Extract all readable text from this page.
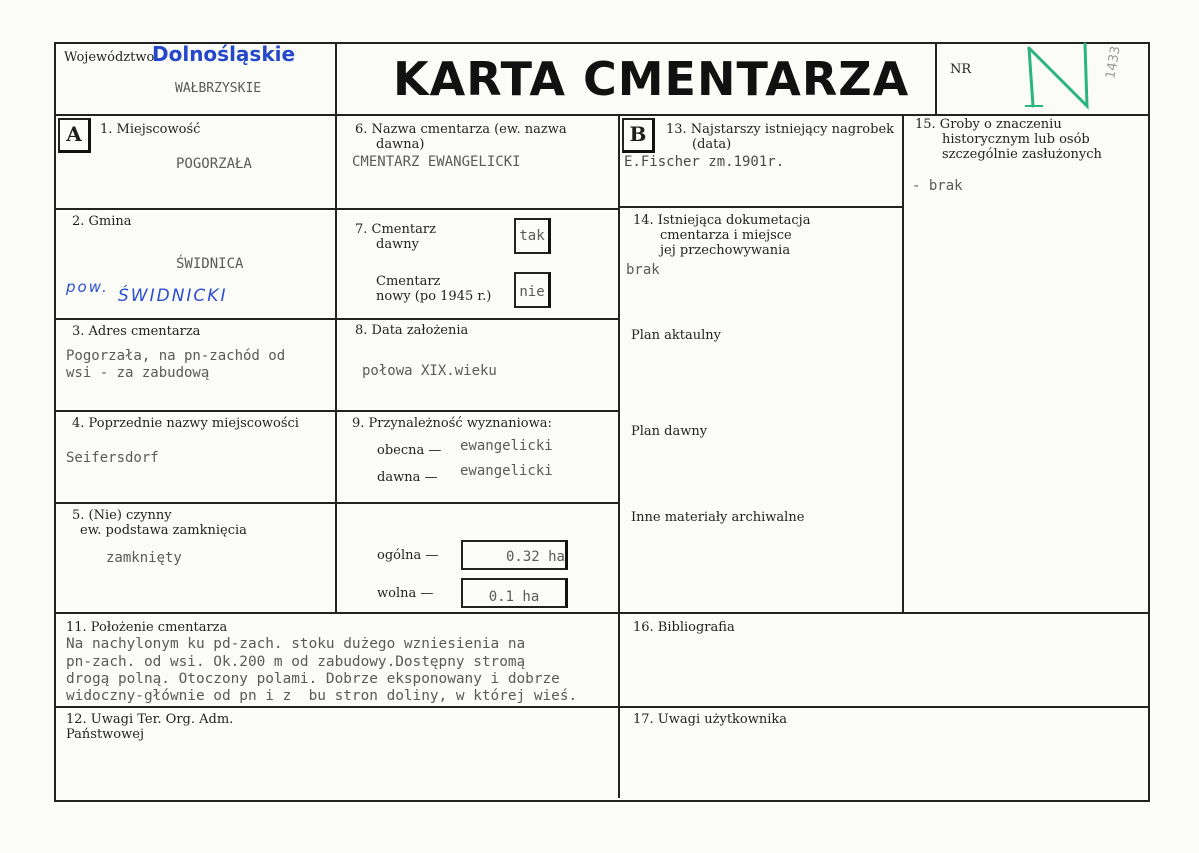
Województwo
Dolnośląskie
WAŁBRZYSKIE	KARTA CMENTARZA	NR	1433
A	1. Miejscowość
POGORZAŁA
2. Gmina
ŚWIDNICA
pow. ŚWIDNICKI
3. Adres cmentarza
Pogorzała, na pn-zachód od
wsi - za zabudową
4. Poprzednie nazwy miejscowości
Seifersdorf
5. (Nie) czynny
ew. podstawa zamknięcia
zamknięty
6. Nazwa cmentarza (ew. nazwa
dawna)
CMENTARZ EWANGELICKI
7. Cmentarz
dawny
tak
Cmentarz
nowy (po 1945 r.)	nie
8. Data założenia
połowa XIX.wieku
9. Przynależność wyznaniowa:
obecna — ewangelicki
dawna — ewangelicki
ogólna —	0.32 ha
wolna —	0.1 ha
B	13. Najstarszy istniejący nagrobek
(data)
E.Fischer zm.1901r.
14. Istniejąca dokumetacja
cmentarza i miejsce
jej przechowywania
brak
Plan aktaulny
Plan dawny
Inne materiały archiwalne
15. Groby o znaczeniu
historycznym lub osób
szczególnie zasłużonych
- brak
11. Położenie cmentarza
Na nachylonym ku pd-zach. stoku dużego wzniesienia na
pn-zach. od wsi. Ok.200 m od zabudowy.Dostępny stromą
drogą polną. Otoczony polami. Dobrze eksponowany i dobrze
widoczny-głównie od pn i z  bu stron doliny, w której wieś.
16. Bibliografia
12. Uwagi Ter. Org. Adm.
Państwowej
17. Uwagi użytkownika
